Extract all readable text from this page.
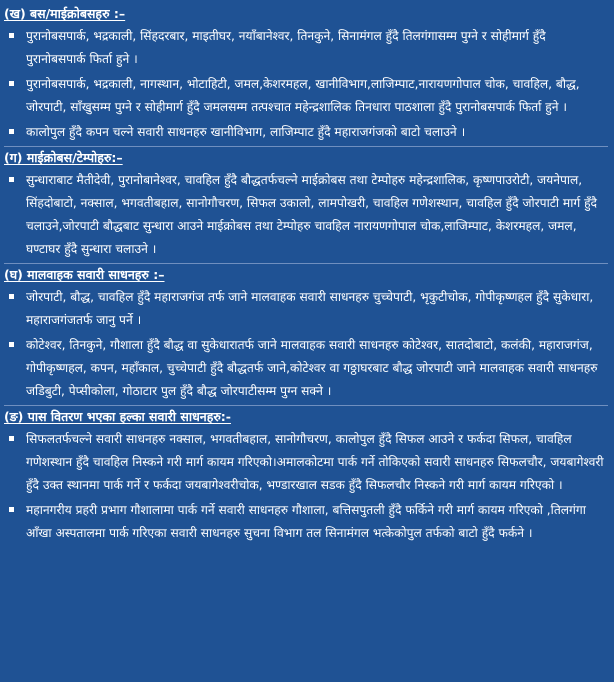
(ख) बस/माईक्रोबसहरु :–
पुरानोबसपार्क, भद्रकाली, सिंहदरबार, माइतीघर, नयाँबानेश्वर, तिनकुने, सिनामंगल हुँदै तिलगंगासम्म पुग्ने र सोहीमार्ग हुँदै पुरानोबसपार्क फिर्ता हुने ।
पुरानोबसपार्क, भद्रकाली, नागस्थान, भोटाहिटी, जमल,केशरमहल, खानीविभाग,लाजिम्पाट,नारायणगोपाल चोक, चावहिल, बौद्ध, जोरपाटी, साँखुसम्म पुग्ने र सोहीमार्ग हुँदै जमलसम्म तत्पश्चात महेन्द्रशालिक तिनधारा पाठशाला हुँदै पुरानोबसपार्क फिर्ता हुने ।
कालोपुल हुँदै कपन चल्ने सवारी साधनहरु खानीविभाग, लाजिम्पाट हुँदै महाराजगंजको बाटो चलाउने ।
(ग) माईक्रोबस/टेम्पोहरु:–
सुन्धाराबाट मैतीदेवी, पुरानोबानेश्वर, चावहिल हुँदै बौद्धतर्फचल्ने माईक्रोबस तथा टेम्पोहरु महेन्द्रशालिक, कृष्णपाउरोटी, जयनेपाल, सिंहदोबाटो, नक्साल, भगवतीबहाल, सानोगौचरण, सिफल उकालो, लामपोखरी, चावहिल गणेशस्थान, चावहिल हुँदै जोरपाटी मार्ग हुँदै चलाउने,जोरपाटी बौद्धबाट सुन्धारा आउने माईक्रोबस तथा टेम्पोहरु चावहिल नारायणगोपाल चोक,लाजिम्पाट, केशरमहल, जमल, घण्टाघर हुँदै सुन्धारा चलाउने ।
(घ) मालवाहक सवारी साधनहरु :–
जोरपाटी, बौद्ध, चावहिल हुँदै महाराजगंज तर्फ जाने मालवाहक सवारी साधनहरु चुच्चेपाटी, भृकुटीचोक, गोपीकृष्णहल हुँदै सुकेधारा, महाराजगंजतर्फ जानु पर्ने ।
कोटेश्वर, तिनकुने, गौशाला हुँदै बौद्ध वा सुकेधारातर्फ जाने मालवाहक सवारी साधनहरु कोटेश्वर, सातदोबाटो, कलंकी, महाराजगंज, गोपीकृष्णहल, कपन, महाँकाल, चुच्चेपाटी हुँदै बौद्धतर्फ जाने,कोटेश्वर वा गठ्ठाघरबाट बौद्ध जोरपाटी जाने मालवाहक सवारी साधनहरु जडिबुटी, पेप्सीकोला, गोठाटार पुल हुँदै बौद्ध जोरपाटीसम्म पुग्न सक्ने ।
(ङ) पास वितरण भएका हल्का सवारी साधनहरु:-
सिफलतर्फचल्ने सवारी साधनहरु नक्साल, भगवतीबहाल, सानोगौचरण, कालोपुल हुँदै सिफल आउने र फर्कदा सिफल, चावहिल गणेशस्थान हुँदै चावहिल निस्कने गरी मार्ग कायम गरिएको।अमालकोटमा पार्क गर्ने तोकिएको सवारी साधनहरु सिफलचौर, जयबागेश्वरी हुँदै उक्त स्थानमा पार्क गर्ने र फर्कदा जयबागेश्वरीचोक, भण्डारखाल सडक हुँदै सिफलचौर निस्कने गरी मार्ग कायम गरिएको ।
महानगरीय प्रहरी प्रभाग गौशालामा पार्क गर्ने सवारी साधनहरु गौशाला, बत्तिसपुतली हुँदै फर्किने गरी मार्ग कायम गरिएको ,तिलगंगा आँखा अस्पतालमा पार्क गरिएका सवारी साधनहरु सुचना विभाग तल सिनामंगल भत्केकोपुल तर्फको बाटो हुँदै फर्कने ।
